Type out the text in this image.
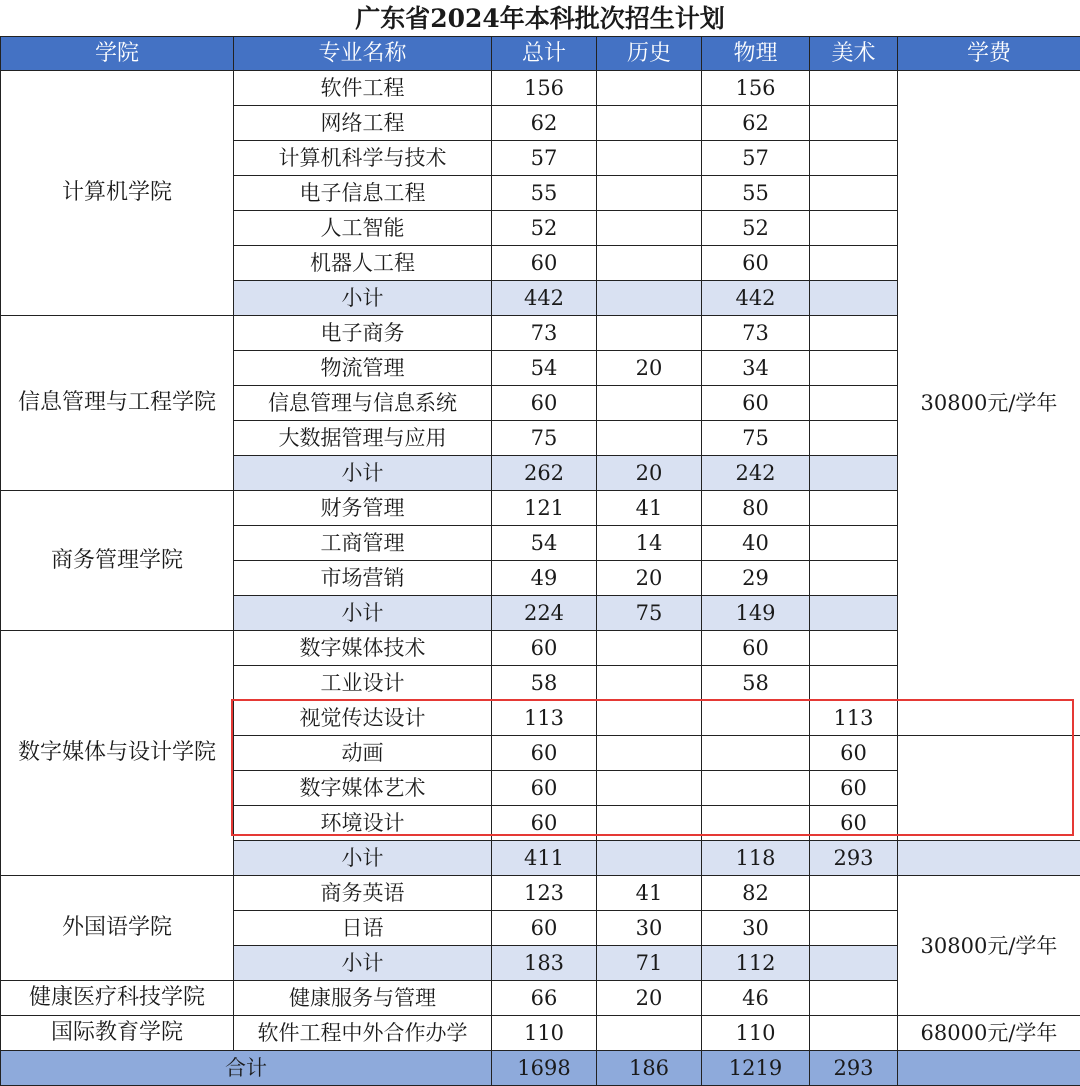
广东省2024年本科批次招生计划
学院	专业名称	总计	历史	物理	美术	学费	
计算机学院	软件工程	156		156		30800元/学年	
	网络工程	62		62			
	计算机科学与技术	57		57			
	电子信息工程	55		55			
	人工智能	52		52			
	机器人工程	60		60			
	小计	442		442			
信息管理与工程学院	电子商务	73		73			
	物流管理	54	20	34			
	信息管理与信息系统	60		60			
	大数据管理与应用	75		75			
	小计	262	20	242			
商务管理学院	财务管理	121	41	80			
	工商管理	54	14	40			
	市场营销	49	20	29			
	小计	224	75	149			
数字媒体与设计学院	数字媒体技术	60		60			
	工业设计	58		58			
	视觉传达设计	113			113	
	动画	60			60		
	数字媒体艺术	60			60		
	环境设计	60			60		
	小计	411		118	293		
外国语学院	商务英语	123	41	82		30800元/学年	
	日语	60	30	30			
	小计	183	71	112			
健康医疗科技学院	健康服务与管理	66	20	46			
国际教育学院	软件工程中外合作办学	110		110		68000元/学年	
合计		1698	186	1219	293		
